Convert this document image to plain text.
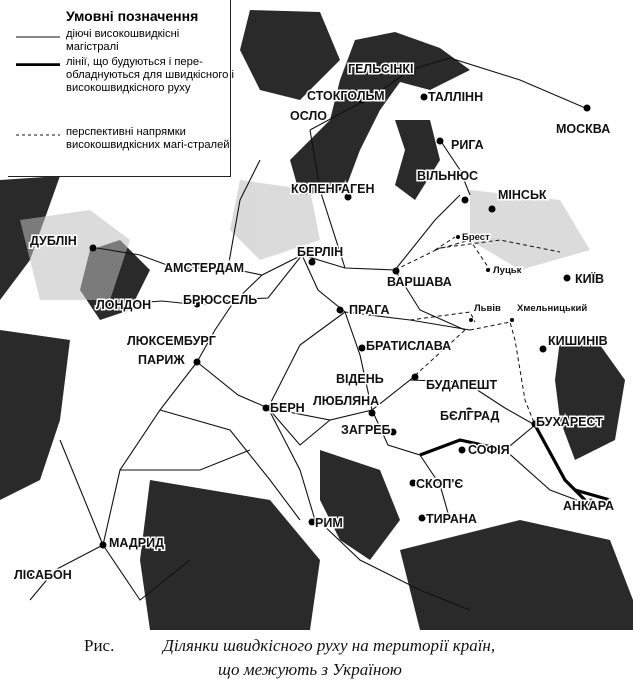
ГЕЛЬСІНКІ
СТОКГОЛЬМ	ТАЛЛІНН
ОСЛО
МОСКВА
РИГА
ВІЛЬНЮС
КОПЕНГАГЕН	МІНСЬК
ДУБЛІН
БЕРЛІН
Брест
АМСТЕРДАМ
ВАРШАВА
Луцьк
КИЇВ
ЛОНДОН	БРЮССЕЛЬ
ПРАГА	Львів Хмельницький
ЛЮКСЕМБУРГ
ПАРИЖ
БРАТИСЛАВА	КИШИНІВ
ВІДЕНЬ	БУДАПЕШТ
БЕРН ЛЮБЛЯНА
БЄЛГРАД	БУХАРЕСТ
ЗАГРЕБ
СОФІЯ
СКОП'Є
АНКАРА
РИМ	ТИРАНА
МАДРИД
ЛІСАБОН
Умовні позначення
діючі високошвидкісні магістралі
лінії, що будуються і пере-обладнуються для швидкісного і високошвидкісного руху
перспективні напрямки високошвидкісних магі-стралей
Рис.	Ділянки швидкісного руху на території країн,
що межують з Україною
